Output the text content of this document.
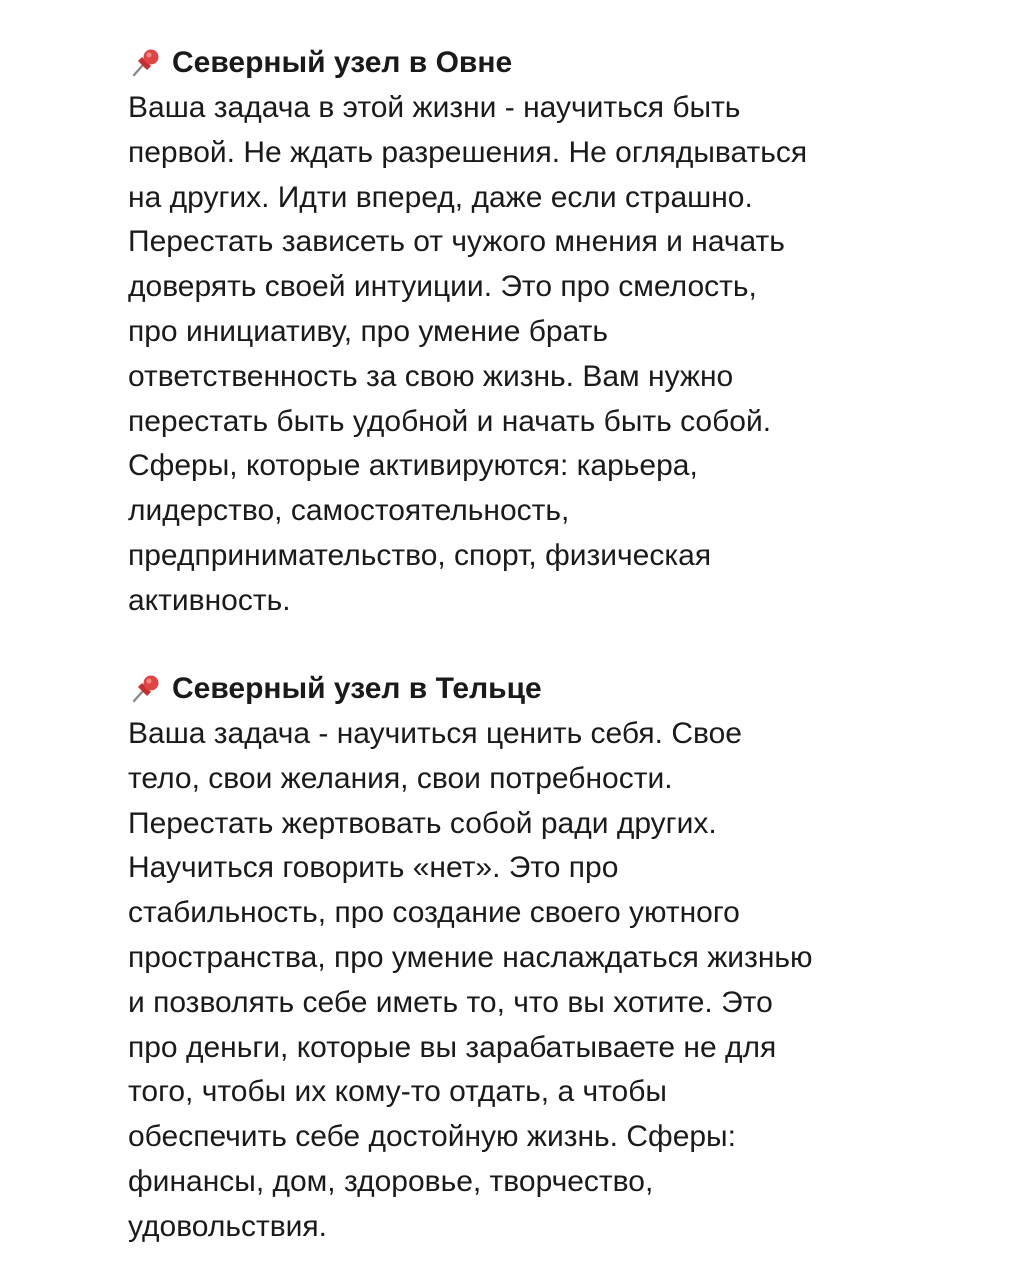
Северный узел в Овне
Ваша задача в этой жизни - научиться быть
первой. Не ждать разрешения. Не оглядываться
на других. Идти вперед, даже если страшно.
Перестать зависеть от чужого мнения и начать
доверять своей интуиции. Это про смелость,
про инициативу, про умение брать
ответственность за свою жизнь. Вам нужно
перестать быть удобной и начать быть собой.
Сферы, которые активируются: карьера,
лидерство, самостоятельность,
предпринимательство, спорт, физическая
активность.
Северный узел в Тельце
Ваша задача - научиться ценить себя. Свое
тело, свои желания, свои потребности.
Перестать жертвовать собой ради других.
Научиться говорить «нет». Это про
стабильность, про создание своего уютного
пространства, про умение наслаждаться жизнью
и позволять себе иметь то, что вы хотите. Это
про деньги, которые вы зарабатываете не для
того, чтобы их кому-то отдать, а чтобы
обеспечить себе достойную жизнь. Сферы:
финансы, дом, здоровье, творчество,
удовольствия.
